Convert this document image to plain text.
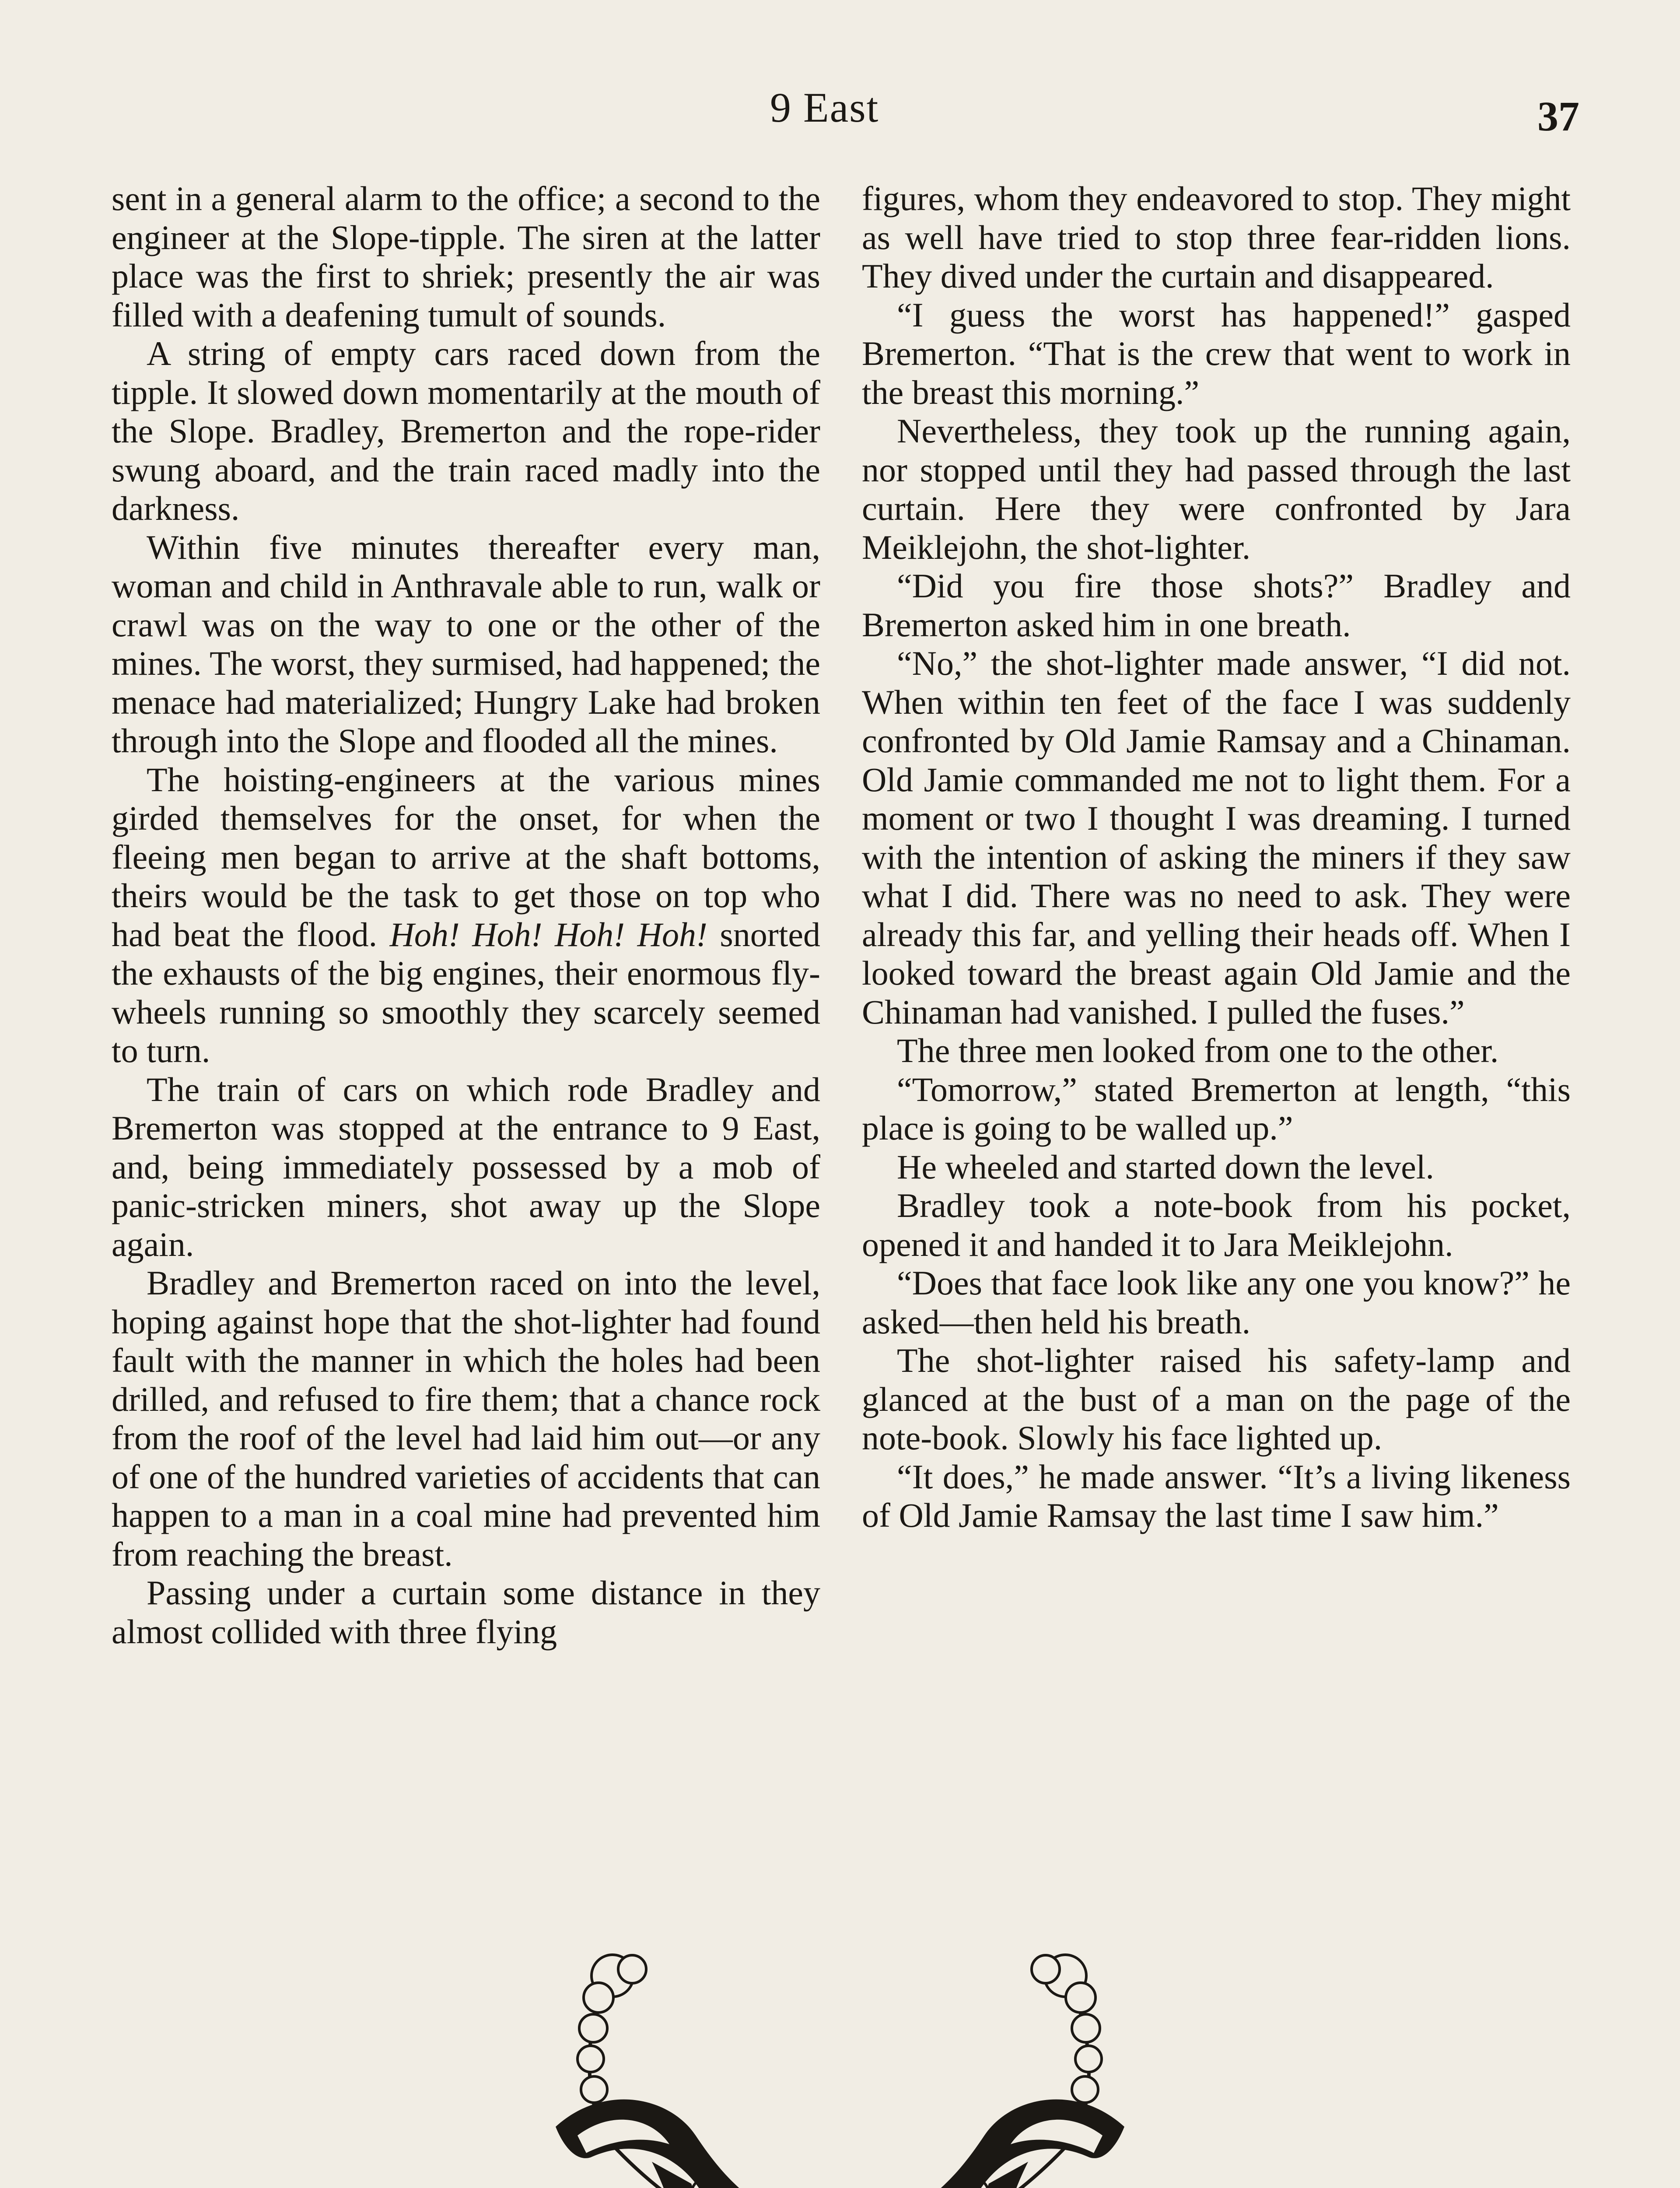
9 East	37

sent in a general alarm to the office; a second to the engineer at the Slope-tipple. The siren at the latter place was the first to shriek; presently the air was filled with a deafening tumult of sounds.

A string of empty cars raced down from the tipple. It slowed down momentarily at the mouth of the Slope. Bradley, Bremerton and the rope-rider swung aboard, and the train raced madly into the darkness.

Within five minutes thereafter every man, woman and child in Anthravale able to run, walk or crawl was on the way to one or the other of the mines. The worst, they surmised, had happened; the menace had materialized; Hungry Lake had broken through into the Slope and flooded all the mines.

The hoisting-engineers at the various mines girded themselves for the onset, for when the fleeing men began to arrive at the shaft bottoms, theirs would be the task to get those on top who had beat the flood. Hoh! Hoh! Hoh! Hoh! snorted the exhausts of the big engines, their enormous fly-wheels running so smoothly they scarcely seemed to turn.

The train of cars on which rode Bradley and Bremerton was stopped at the entrance to 9 East, and, being immediately possessed by a mob of panic-stricken miners, shot away up the Slope again.

Bradley and Bremerton raced on into the level, hoping against hope that the shot-lighter had found fault with the manner in which the holes had been drilled, and refused to fire them; that a chance rock from the roof of the level had laid him out—or any of one of the hundred varieties of accidents that can happen to a man in a coal mine had prevented him from reaching the breast.

Passing under a curtain some distance in they almost collided with three flying

figures, whom they endeavored to stop. They might as well have tried to stop three fear-ridden lions. They dived under the curtain and disappeared.

“I guess the worst has happened!” gasped Bremerton. “That is the crew that went to work in the breast this morning.”

Nevertheless, they took up the running again, nor stopped until they had passed through the last curtain. Here they were confronted by Jara Meiklejohn, the shot-lighter.

“Did you fire those shots?” Bradley and Bremerton asked him in one breath.

“No,” the shot-lighter made answer, “I did not. When within ten feet of the face I was suddenly confronted by Old Jamie Ramsay and a Chinaman. Old Jamie commanded me not to light them. For a moment or two I thought I was dreaming. I turned with the intention of asking the miners if they saw what I did. There was no need to ask. They were already this far, and yelling their heads off. When I looked toward the breast again Old Jamie and the Chinaman had vanished. I pulled the fuses.”

The three men looked from one to the other.

“Tomorrow,” stated Bremerton at length, “this place is going to be walled up.”

He wheeled and started down the level.

Bradley took a note-book from his pocket, opened it and handed it to Jara Meiklejohn.

“Does that face look like any one you know?” he asked—then held his breath.

The shot-lighter raised his safety-lamp and glanced at the bust of a man on the page of the note-book. Slowly his face lighted up.

“It does,” he made answer. “It’s a living likeness of Old Jamie Ramsay the last time I saw him.”
